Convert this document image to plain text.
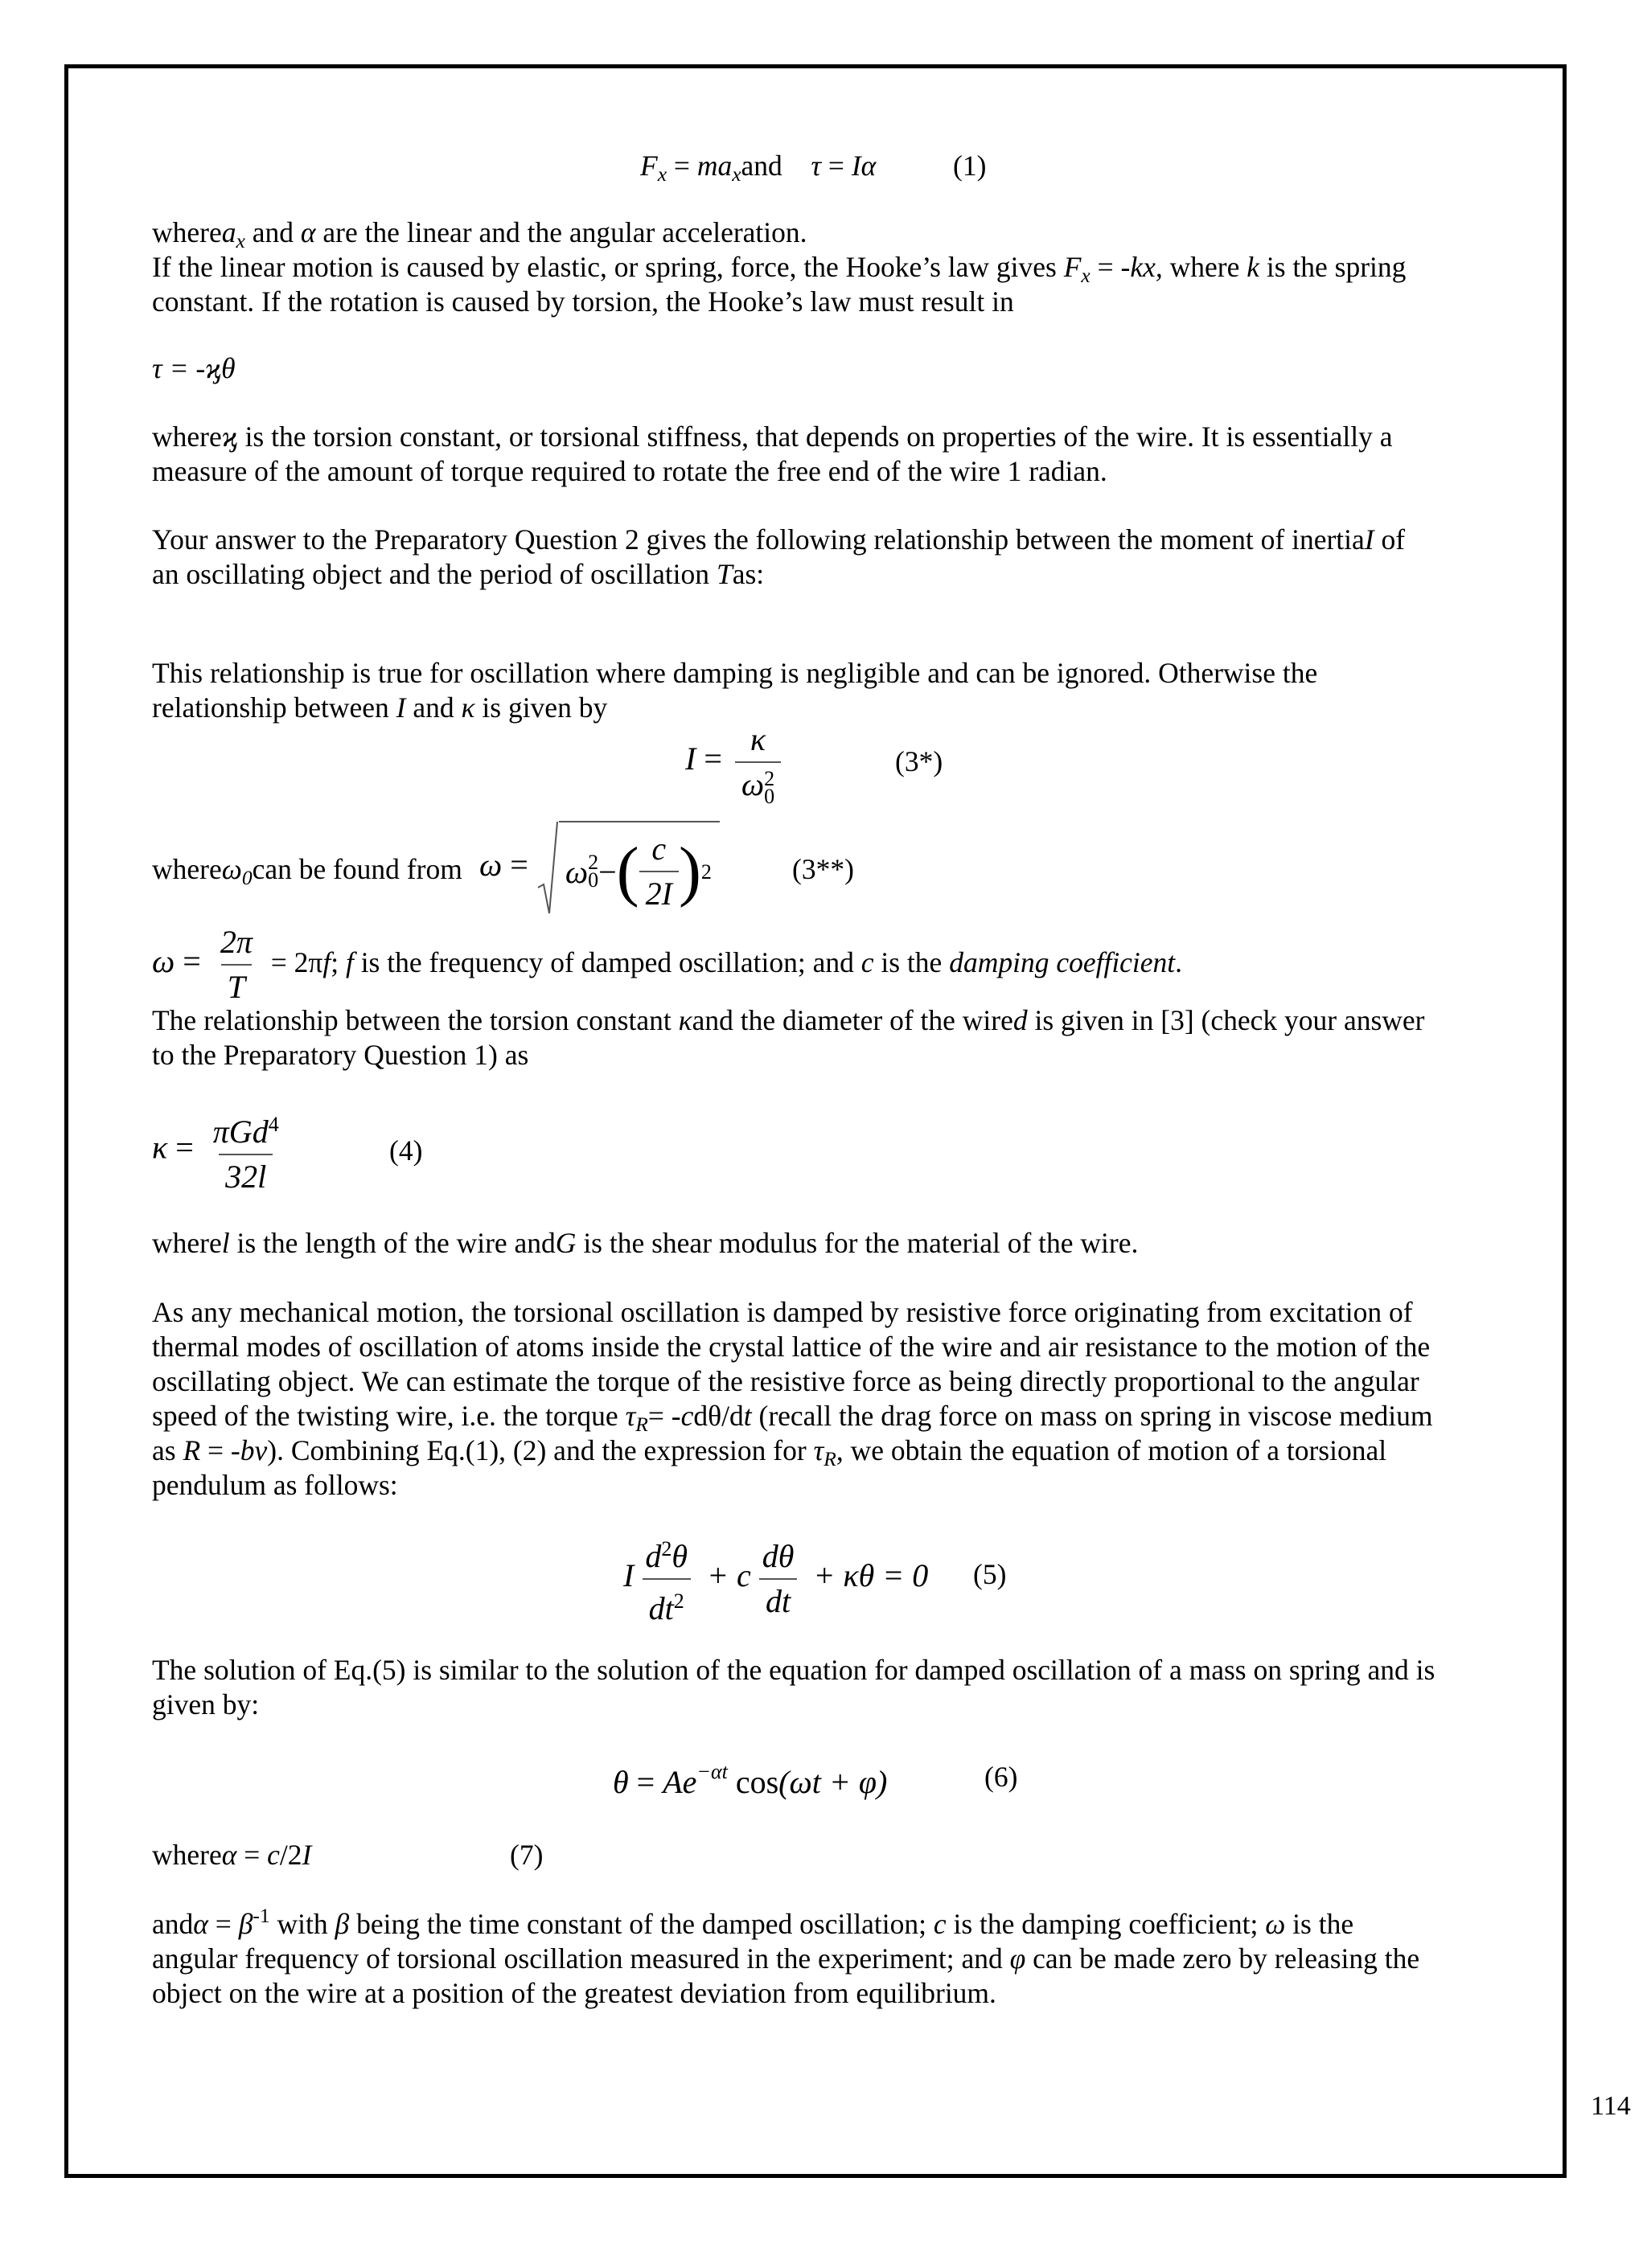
$F_x = ma_xand$ τ = Iα	(1)
wherea$_x$ and α are the linear and the angular acceleration.
If the linear motion is caused by elastic, or spring, force, the Hooke’s law gives $F_x = -kx$, where k is the spring
constant. If the rotation is caused by torsion, the Hooke’s law must result in
τ = -ϗθ
whereϗ is the torsion constant, or torsional stiffness, that depends on properties of the wire. It is essentially a
measure of the amount of torque required to rotate the free end of the wire 1 radian.
Your answer to the Preparatory Question 2 gives the following relationship between the moment of inertiaI of
an oscillating object and the period of oscillation Tas:
This relationship is true for oscillation where damping is negligible and can be ignored. Otherwise the
relationship between I and κ is given by
I = κ
ω 2
0	(3*)
whereω$_0$can be found from ω = ω 2
0 − ( $\frac{c}{2I}$ ) 2	(3**)
$\omega = \frac{2\pi}{T} = 2\pi f$; f is the frequency of damped oscillation; and c is the damping coefficient.
The relationship between the torsion constant κand the diameter of the wired is given in [3] (check your answer
to the Preparatory Question 1) as
$\kappa = \frac{\pi Gd^4}{32l}$	(4)
wherel is the length of the wire andG is the shear modulus for the material of the wire.
As any mechanical motion, the torsional oscillation is damped by resistive force originating from excitation of
thermal modes of oscillation of atoms inside the crystal lattice of the wire and air resistance to the motion of the
oscillating object. We can estimate the torque of the resistive force as being directly proportional to the angular
speed of the twisting wire, i.e. the torque $\tau_R= -cd\theta/dt$ (recall the drag force on mass on spring in viscose medium
as R = -bv). Combining Eq.(1), (2) and the expression for $\tau_R$, we obtain the equation of motion of a torsional
pendulum as follows:
I $\frac{d^2\theta}{dt^2} + c \frac{d\theta}{dt} + \kappa\theta = 0$ (5)
The solution of Eq.(5) is similar to the solution of the equation for damped oscillation of a mass on spring and is
given by:
$\theta = Ae^{-\alpha t}$ cos(ωt + φ)	(6)
whereα = c/2I	(7)
$and\alpha = \beta^{-1}$ with β being the time constant of the damped oscillation; c is the damping coefficient; ω is the
angular frequency of torsional oscillation measured in the experiment; and φ can be made zero by releasing the
object on the wire at a position of the greatest deviation from equilibrium.
114
